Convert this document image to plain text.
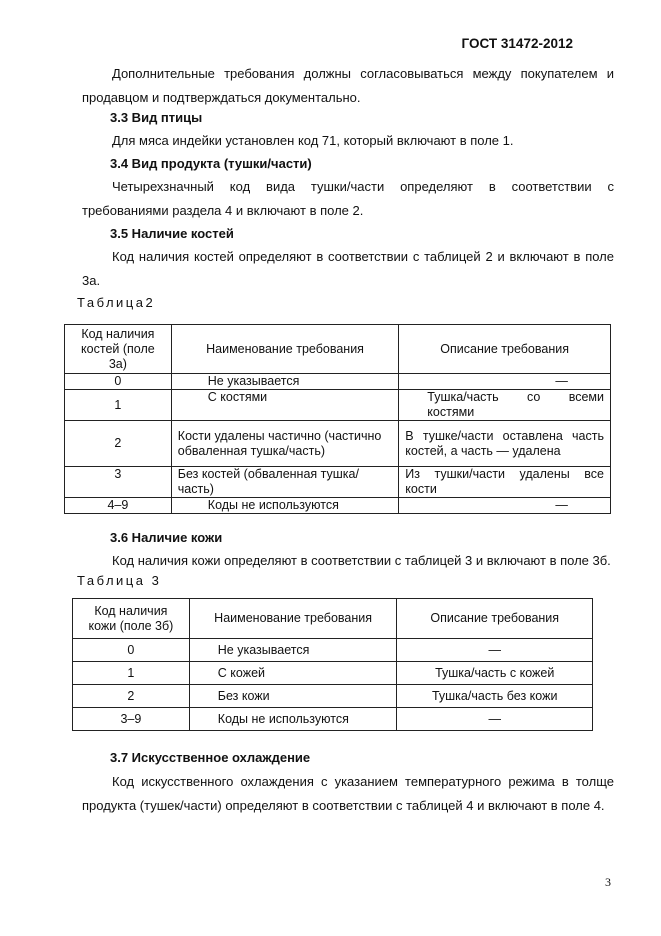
ГОСТ 31472-2012
Дополнительные требования должны согласовываться между покупателем и продавцом и подтверждаться документально.
3.3 Вид птицы
Для мяса индейки установлен код 71, который включают в поле 1.
3.4 Вид продукта (тушки/части)
Четырехзначный код вида тушки/части определяют в соответствии с требованиями раздела 4 и включают в поле 2.
3.5 Наличие костей
Код наличия костей определяют в соответствии с таблицей 2 и включают в поле 3а.
Таблица2
Код наличия костей (поле 3а)	Наименование требования	Описание требования
0	Не указывается	—
1	С костями	Тушка/часть со всеми костями
2	Кости удалены частично (частично обваленная тушка/часть)	В тушке/части оставлена часть костей, а часть — удалена
3	Без костей (обваленная тушка/часть)	Из тушки/части удалены все кости
4–9	Коды не используются	—
3.6 Наличие кожи
Код наличия кожи определяют в соответствии с таблицей 3 и включают в поле 3б.
Таблица 3
Код наличия кожи (поле 3б)	Наименование требования	Описание требования
0	Не указывается	—
1	С кожей	Тушка/часть с кожей
2	Без кожи	Тушка/часть без кожи
3–9	Коды не используются	—
3.7 Искусственное охлаждение
Код искусственного охлаждения с указанием температурного режима в толще продукта (тушек/части) определяют в соответствии с таблицей 4 и включают в поле 4.
3
